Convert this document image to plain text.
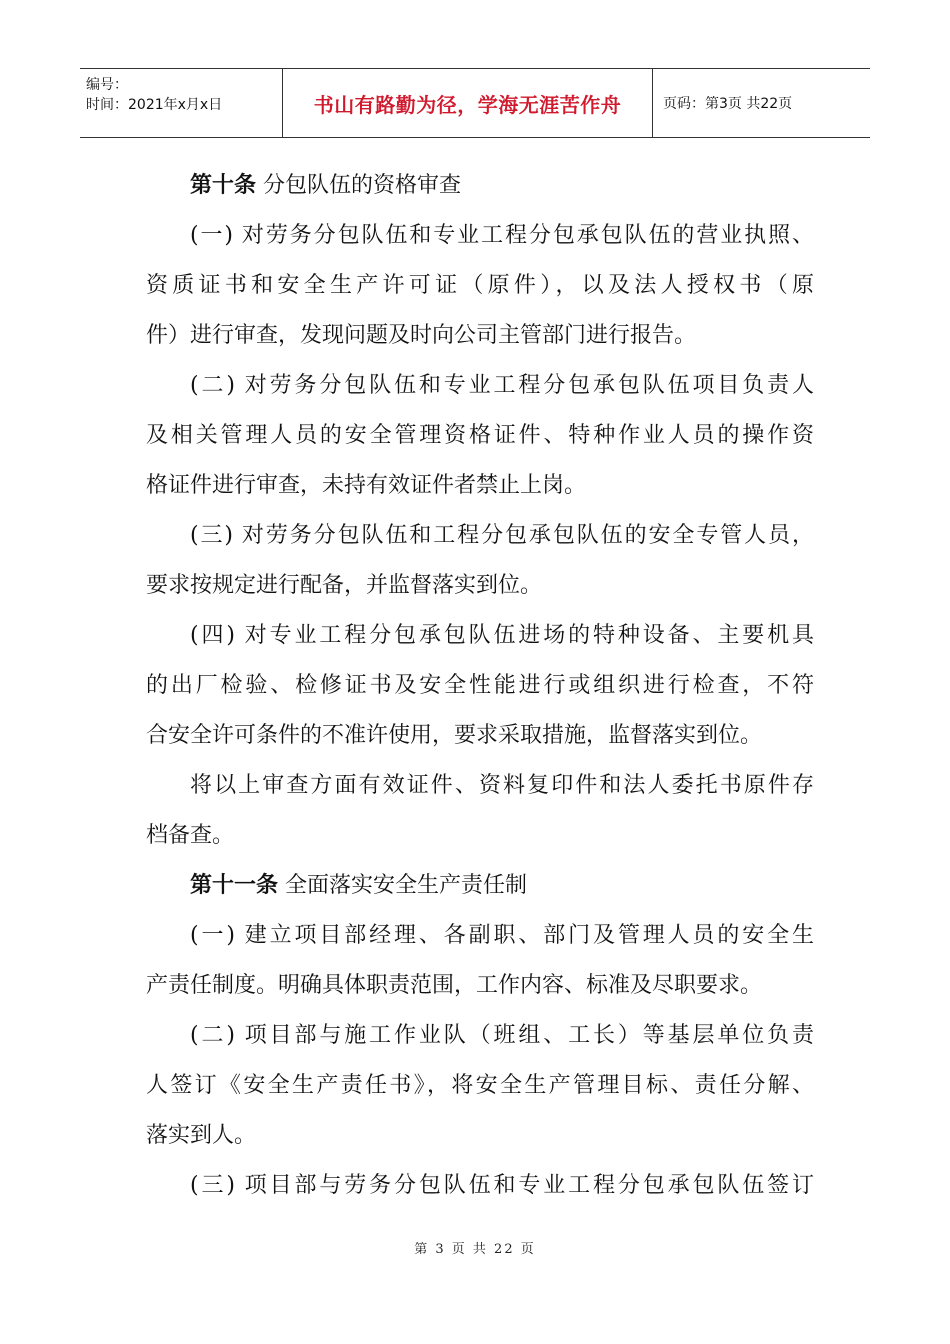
编号：
时间：2021年x月x日	书山有路勤为径，学海无涯苦作舟	页码：第3页 共22页
第十条 分包队伍的资格审查
(一) 对劳务分包队伍和专业工程分包承包队伍的营业执照、
资质证书和安全生产许可证（原件），以及法人授权书（原
件）进行审查，发现问题及时向公司主管部门进行报告。
(二) 对劳务分包队伍和专业工程分包承包队伍项目负责人
及相关管理人员的安全管理资格证件、特种作业人员的操作资
格证件进行审查，未持有效证件者禁止上岗。
(三) 对劳务分包队伍和工程分包承包队伍的安全专管人员，
要求按规定进行配备，并监督落实到位。
(四) 对专业工程分包承包队伍进场的特种设备、主要机具
的出厂检验、检修证书及安全性能进行或组织进行检查，不符
合安全许可条件的不准许使用，要求采取措施，监督落实到位。
将以上审查方面有效证件、资料复印件和法人委托书原件存
档备查。
第十一条 全面落实安全生产责任制
(一) 建立项目部经理、各副职、部门及管理人员的安全生
产责任制度。明确具体职责范围，工作内容、标准及尽职要求。
(二) 项目部与施工作业队（班组、工长）等基层单位负责
人签订《安全生产责任书》，将安全生产管理目标、责任分解、
落实到人。
(三) 项目部与劳务分包队伍和专业工程分包承包队伍签订
第 3 页 共 22 页
